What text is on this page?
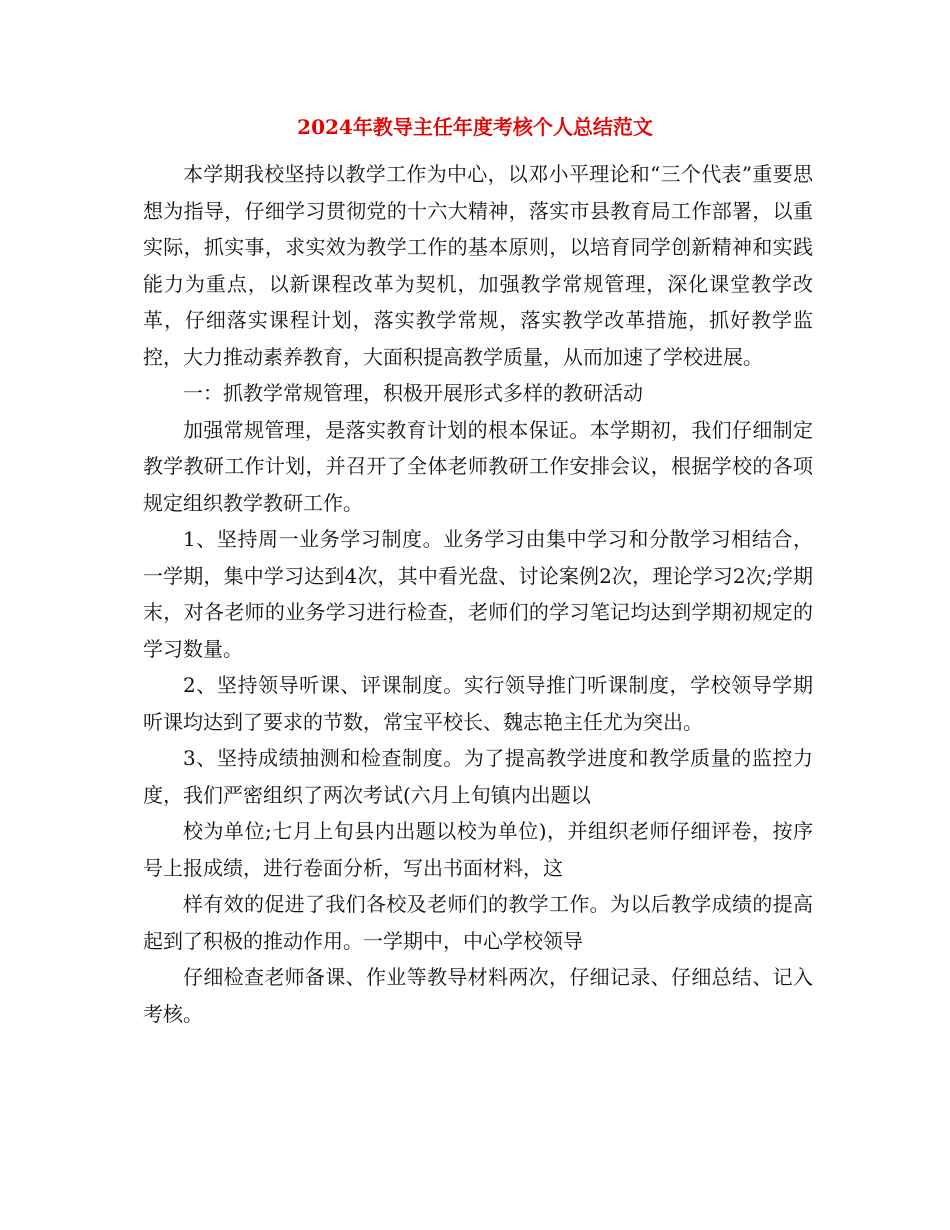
2024年教导主任年度考核个人总结范文

本学期我校坚持以教学工作为中心，以邓小平理论和“三个代表”重要思想为指导，仔细学习贯彻党的十六大精神，落实市县教育局工作部署，以重实际，抓实事，求实效为教学工作的基本原则，以培育同学创新精神和实践能力为重点，以新课程改革为契机，加强教学常规管理，深化课堂教学改革，仔细落实课程计划，落实教学常规，落实教学改革措施，抓好教学监控，大力推动素养教育，大面积提高教学质量，从而加速了学校进展。

一：抓教学常规管理，积极开展形式多样的教研活动

加强常规管理，是落实教育计划的根本保证。本学期初，我们仔细制定教学教研工作计划，并召开了全体老师教研工作安排会议，根据学校的各项规定组织教学教研工作。

1、坚持周一业务学习制度。业务学习由集中学习和分散学习相结合，一学期，集中学习达到4次，其中看光盘、讨论案例2次，理论学习2次;学期末，对各老师的业务学习进行检查，老师们的学习笔记均达到学期初规定的学习数量。

2、坚持领导听课、评课制度。实行领导推门听课制度，学校领导学期听课均达到了要求的节数，常宝平校长、魏志艳主任尤为突出。

3、坚持成绩抽测和检查制度。为了提高教学进度和教学质量的监控力度，我们严密组织了两次考试(六月上旬镇内出题以

校为单位;七月上旬县内出题以校为单位)，并组织老师仔细评卷，按序号上报成绩，进行卷面分析，写出书面材料，这

样有效的促进了我们各校及老师们的教学工作。为以后教学成绩的提高起到了积极的推动作用。一学期中，中心学校领导

仔细检查老师备课、作业等教导材料两次，仔细记录、仔细总结、记入考核。
